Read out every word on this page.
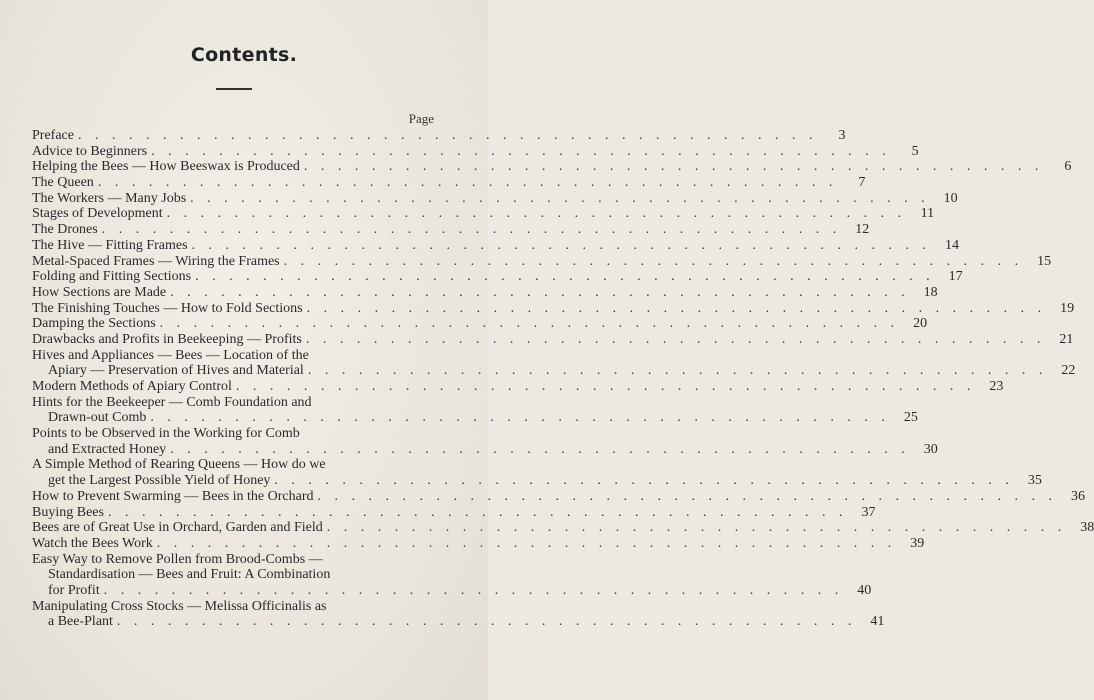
Contents.
Page
Preface . . . . . . . . . . . . . . . . . . . . . . . . . . . . . . . . . . . . . . . . . . . .	3
Advice to Beginners . . . . . . . . . . . . . . . . . . . . . . . . . . . . . . . . . . . . . . . . . . . .	5
Helping the Bees — How Beeswax is Produced . . . . . . . . . . . . . . . . . . . . . . . . . . . . . . . . . . . . . . . . . . . .	6
The Queen . . . . . . . . . . . . . . . . . . . . . . . . . . . . . . . . . . . . . . . . . . . .	7
The Workers — Many Jobs . . . . . . . . . . . . . . . . . . . . . . . . . . . . . . . . . . . . . . . . . . . .	10
Stages of Development . . . . . . . . . . . . . . . . . . . . . . . . . . . . . . . . . . . . . . . . . . . .	11
The Drones . . . . . . . . . . . . . . . . . . . . . . . . . . . . . . . . . . . . . . . . . . . .	12
The Hive — Fitting Frames . . . . . . . . . . . . . . . . . . . . . . . . . . . . . . . . . . . . . . . . . . . .	14
Metal-Spaced Frames — Wiring the Frames . . . . . . . . . . . . . . . . . . . . . . . . . . . . . . . . . . . . . . . . . . . .	15
Folding and Fitting Sections . . . . . . . . . . . . . . . . . . . . . . . . . . . . . . . . . . . . . . . . . . . .	17
How Sections are Made . . . . . . . . . . . . . . . . . . . . . . . . . . . . . . . . . . . . . . . . . . . .	18
The Finishing Touches — How to Fold Sections . . . . . . . . . . . . . . . . . . . . . . . . . . . . . . . . . . . . . . . . . . . .	19
Damping the Sections . . . . . . . . . . . . . . . . . . . . . . . . . . . . . . . . . . . . . . . . . . . .	20
Drawbacks and Profits in Beekeeping — Profits . . . . . . . . . . . . . . . . . . . . . . . . . . . . . . . . . . . . . . . . . . . .	21
Hives and Appliances — Bees — Location of the
Apiary — Preservation of Hives and Material . . . . . . . . . . . . . . . . . . . . . . . . . . . . . . . . . . . . . . . . . . . .	22
Modern Methods of Apiary Control . . . . . . . . . . . . . . . . . . . . . . . . . . . . . . . . . . . . . . . . . . . .	23
Hints for the Beekeeper — Comb Foundation and
Drawn-out Comb . . . . . . . . . . . . . . . . . . . . . . . . . . . . . . . . . . . . . . . . . . . .	25
Points to be Observed in the Working for Comb
and Extracted Honey . . . . . . . . . . . . . . . . . . . . . . . . . . . . . . . . . . . . . . . . . . . .	30
A Simple Method of Rearing Queens — How do we
get the Largest Possible Yield of Honey . . . . . . . . . . . . . . . . . . . . . . . . . . . . . . . . . . . . . . . . . . . .	35
How to Prevent Swarming — Bees in the Orchard . . . . . . . . . . . . . . . . . . . . . . . . . . . . . . . . . . . . . . . . . . . .	36
Buying Bees . . . . . . . . . . . . . . . . . . . . . . . . . . . . . . . . . . . . . . . . . . . .	37
Bees are of Great Use in Orchard, Garden and Field . . . . . . . . . . . . . . . . . . . . . . . . . . . . . . . . . . . . . . . . . . . .	38
Watch the Bees Work . . . . . . . . . . . . . . . . . . . . . . . . . . . . . . . . . . . . . . . . . . . .	39
Easy Way to Remove Pollen from Brood-Combs —
Standardisation — Bees and Fruit: A Combination
for Profit . . . . . . . . . . . . . . . . . . . . . . . . . . . . . . . . . . . . . . . . . . . .	40
Manipulating Cross Stocks — Melissa Officinalis as
a Bee-Plant . . . . . . . . . . . . . . . . . . . . . . . . . . . . . . . . . . . . . . . . . . . .	41
